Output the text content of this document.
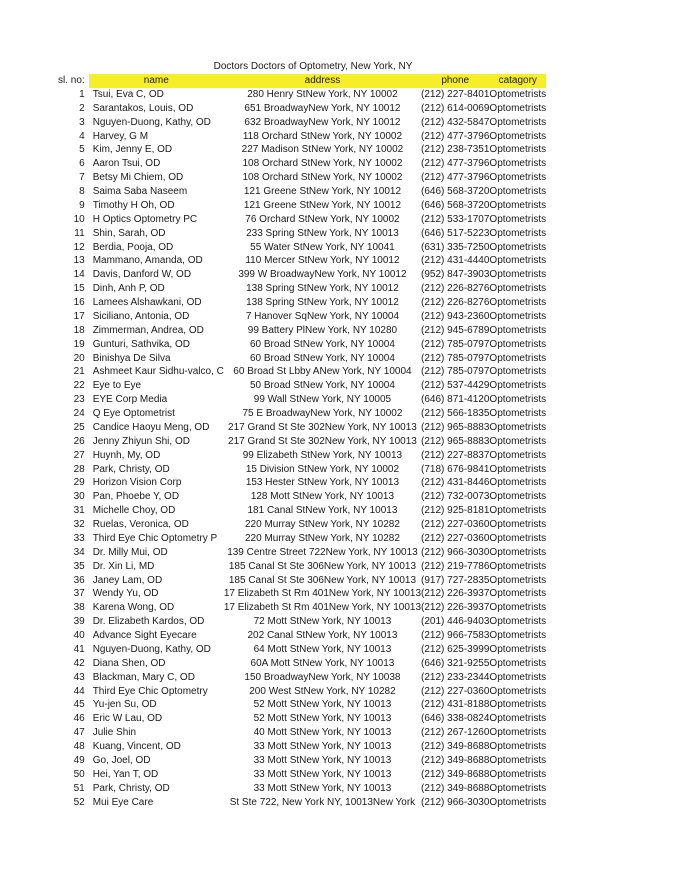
Doctors Doctors of Optometry, New York, NY
sl. no:	name	address	phone	catagory
1	Tsui, Eva C, OD	280 Henry StNew York, NY 10002	(212) 227-8401	Optometrists
2	Sarantakos, Louis, OD	651 BroadwayNew York, NY 10012	(212) 614-0069	Optometrists
3	Nguyen-Duong, Kathy, OD	632 BroadwayNew York, NY 10012	(212) 432-5847	Optometrists
4	Harvey, G M	118 Orchard StNew York, NY 10002	(212) 477-3796	Optometrists
5	Kim, Jenny E, OD	227 Madison StNew York, NY 10002	(212) 238-7351	Optometrists
6	Aaron Tsui, OD	108 Orchard StNew York, NY 10002	(212) 477-3796	Optometrists
7	Betsy Mi Chiem, OD	108 Orchard StNew York, NY 10002	(212) 477-3796	Optometrists
8	Saima Saba Naseem	121 Greene StNew York, NY 10012	(646) 568-3720	Optometrists
9	Timothy H Oh, OD	121 Greene StNew York, NY 10012	(646) 568-3720	Optometrists
10	H Optics Optometry PC	76 Orchard StNew York, NY 10002	(212) 533-1707	Optometrists
11	Shin, Sarah, OD	233 Spring StNew York, NY 10013	(646) 517-5223	Optometrists
12	Berdia, Pooja, OD	55 Water StNew York, NY 10041	(631) 335-7250	Optometrists
13	Mammano, Amanda, OD	110 Mercer StNew York, NY 10012	(212) 431-4440	Optometrists
14	Davis, Danford W, OD	399 W BroadwayNew York, NY 10012	(952) 847-3903	Optometrists
15	Dinh, Anh P, OD	138 Spring StNew York, NY 10012	(212) 226-8276	Optometrists
16	Lamees Alshawkani, OD	138 Spring StNew York, NY 10012	(212) 226-8276	Optometrists
17	Siciliano, Antonia, OD	7 Hanover SqNew York, NY 10004	(212) 943-2360	Optometrists
18	Zimmerman, Andrea, OD	99 Battery PlNew York, NY 10280	(212) 945-6789	Optometrists
19	Gunturi, Sathvika, OD	60 Broad StNew York, NY 10004	(212) 785-0797	Optometrists
20	Binishya De Silva	60 Broad StNew York, NY 10004	(212) 785-0797	Optometrists
21	Ashmeet Kaur Sidhu-valco, C	60 Broad St Lbby ANew York, NY 10004	(212) 785-0797	Optometrists
22	Eye to Eye	50 Broad StNew York, NY 10004	(212) 537-4429	Optometrists
23	EYE Corp Media	99 Wall StNew York, NY 10005	(646) 871-4120	Optometrists
24	Q Eye Optometrist	75 E BroadwayNew York, NY 10002	(212) 566-1835	Optometrists
25	Candice Haoyu Meng, OD	217 Grand St Ste 302New York, NY 10013	(212) 965-8883	Optometrists
26	Jenny Zhiyun Shi, OD	217 Grand St Ste 302New York, NY 10013	(212) 965-8883	Optometrists
27	Huynh, My, OD	99 Elizabeth StNew York, NY 10013	(212) 227-8837	Optometrists
28	Park, Christy, OD	15 Division StNew York, NY 10002	(718) 676-9841	Optometrists
29	Horizon Vision Corp	153 Hester StNew York, NY 10013	(212) 431-8446	Optometrists
30	Pan, Phoebe Y, OD	128 Mott StNew York, NY 10013	(212) 732-0073	Optometrists
31	Michelle Choy, OD	181 Canal StNew York, NY 10013	(212) 925-8181	Optometrists
32	Ruelas, Veronica, OD	220 Murray StNew York, NY 10282	(212) 227-0360	Optometrists
33	Third Eye Chic Optometry P	220 Murray StNew York, NY 10282	(212) 227-0360	Optometrists
34	Dr. Milly Mui, OD	139 Centre Street 722New York, NY 10013	(212) 966-3030	Optometrists
35	Dr. Xin Li, MD	185 Canal St Ste 306New York, NY 10013	(212) 219-7786	Optometrists
36	Janey Lam, OD	185 Canal St Ste 306New York, NY 10013	(917) 727-2835	Optometrists
37	Wendy Yu, OD	17 Elizabeth St Rm 401New York, NY 10013	(212) 226-3937	Optometrists
38	Karena Wong, OD	17 Elizabeth St Rm 401New York, NY 10013	(212) 226-3937	Optometrists
39	Dr. Elizabeth Kardos, OD	72 Mott StNew York, NY 10013	(201) 446-9403	Optometrists
40	Advance Sight Eyecare	202 Canal StNew York, NY 10013	(212) 966-7583	Optometrists
41	Nguyen-Duong, Kathy, OD	64 Mott StNew York, NY 10013	(212) 625-3999	Optometrists
42	Diana Shen, OD	60A Mott StNew York, NY 10013	(646) 321-9255	Optometrists
43	Blackman, Mary C, OD	150 BroadwayNew York, NY 10038	(212) 233-2344	Optometrists
44	Third Eye Chic Optometry	200 West StNew York, NY 10282	(212) 227-0360	Optometrists
45	Yu-jen Su, OD	52 Mott StNew York, NY 10013	(212) 431-8188	Optometrists
46	Eric W Lau, OD	52 Mott StNew York, NY 10013	(646) 338-0824	Optometrists
47	Julie Shin	40 Mott StNew York, NY 10013	(212) 267-1260	Optometrists
48	Kuang, Vincent, OD	33 Mott StNew York, NY 10013	(212) 349-8688	Optometrists
49	Go, Joel, OD	33 Mott StNew York, NY 10013	(212) 349-8688	Optometrists
50	Hei, Yan T, OD	33 Mott StNew York, NY 10013	(212) 349-8688	Optometrists
51	Park, Christy, OD	33 Mott StNew York, NY 10013	(212) 349-8688	Optometrists
52	Mui Eye Care	St Ste 722, New York NY, 10013New York	(212) 966-3030	Optometrists
